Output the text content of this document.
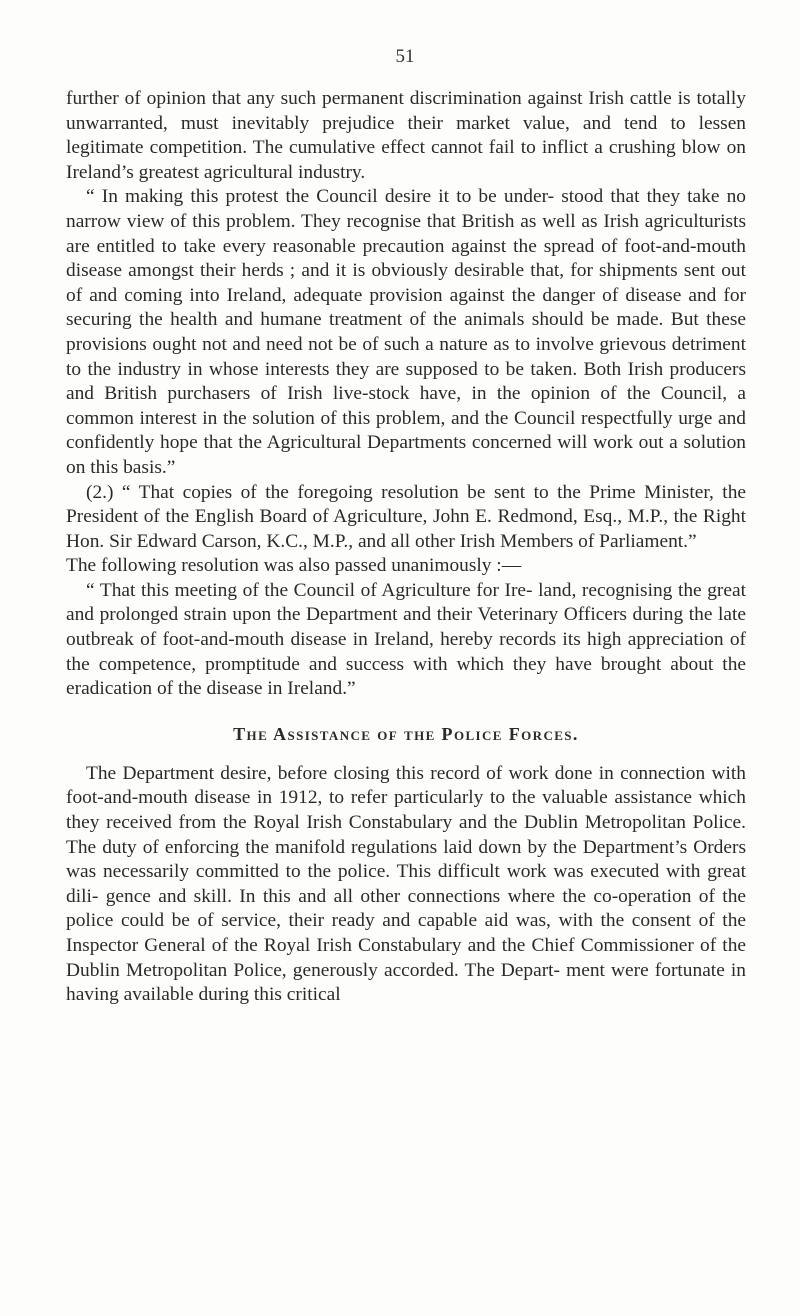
51

further of opinion that any such permanent discrimination against Irish cattle is totally unwarranted, must inevitably prejudice their market value, and tend to lessen legitimate competition. The cumulative effect cannot fail to inflict a crushing blow on Ireland’s greatest agricultural industry.

“ In making this protest the Council desire it to be under- stood that they take no narrow view of this problem. They recognise that British as well as Irish agriculturists are entitled to take every reasonable precaution against the spread of foot-and-mouth disease amongst their herds ; and it is obviously desirable that, for shipments sent out of and coming into Ireland, adequate provision against the danger of disease and for securing the health and humane treatment of the animals should be made. But these provisions ought not and need not be of such a nature as to involve grievous detriment to the industry in whose interests they are supposed to be taken. Both Irish producers and British purchasers of Irish live-stock have, in the opinion of the Council, a common interest in the solution of this problem, and the Council respectfully urge and confidently hope that the Agricultural Departments concerned will work out a solution on this basis.”

(2.) “ That copies of the foregoing resolution be sent to the Prime Minister, the President of the English Board of Agriculture, John E. Redmond, Esq., M.P., the Right Hon. Sir Edward Carson, K.C., M.P., and all other Irish Members of Parliament.”

The following resolution was also passed unanimously :—

“ That this meeting of the Council of Agriculture for Ire- land, recognising the great and prolonged strain upon the Department and their Veterinary Officers during the late outbreak of foot-and-mouth disease in Ireland, hereby records its high appreciation of the competence, promptitude and success with which they have brought about the eradication of the disease in Ireland.”

The Assistance of the Police Forces.

The Department desire, before closing this record of work done in connection with foot-and-mouth disease in 1912, to refer particularly to the valuable assistance which they received from the Royal Irish Constabulary and the Dublin Metropolitan Police. The duty of enforcing the manifold regulations laid down by the Department’s Orders was necessarily committed to the police. This difficult work was executed with great dili- gence and skill. In this and all other connections where the co-operation of the police could be of service, their ready and capable aid was, with the consent of the Inspector General of the Royal Irish Constabulary and the Chief Commissioner of the Dublin Metropolitan Police, generously accorded. The Depart- ment were fortunate in having available during this critical
